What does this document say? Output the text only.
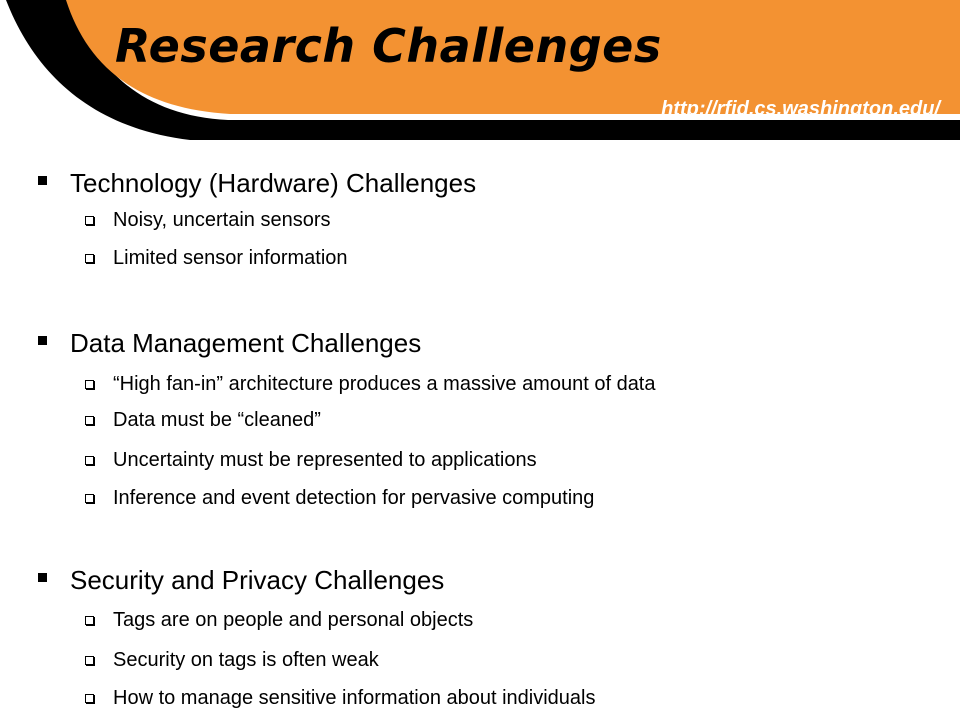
Research Challenges
http://rfid.cs.washington.edu/
Technology (Hardware) Challenges
Noisy, uncertain sensors
Limited sensor information
Data Management Challenges
“High fan-in” architecture produces a massive amount of data
Data must be “cleaned”
Uncertainty must be represented to applications
Inference and event detection for pervasive computing
Security and Privacy Challenges
Tags are on people and personal objects
Security on tags is often weak
How to manage sensitive information about individuals
